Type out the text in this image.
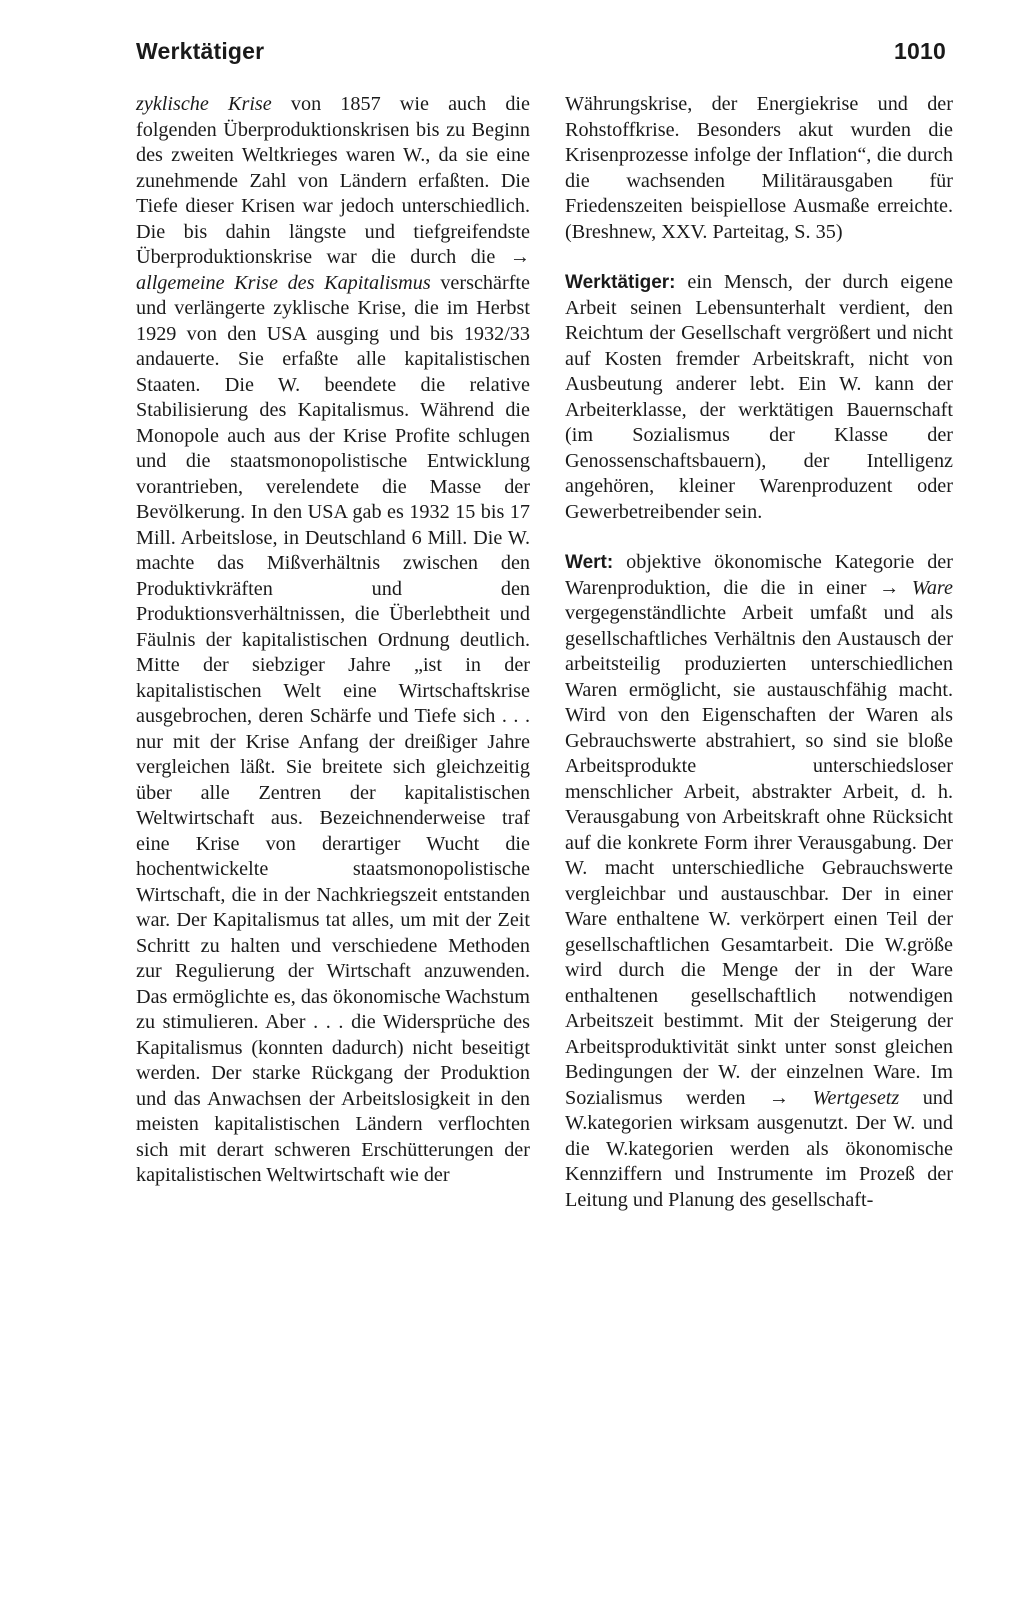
Werktätiger	1010

zyklische Krise von 1857 wie auch die folgenden Überproduktionskrisen bis zu Beginn des zweiten Weltkrieges waren W., da sie eine zunehmende Zahl von Ländern erfaßten. Die Tiefe dieser Krisen war jedoch unterschiedlich. Die bis dahin längste und tiefgreifendste Überproduktionskrise war die durch die → allgemeine Krise des Kapitalismus verschärfte und verlängerte zyklische Krise, die im Herbst 1929 von den USA ausging und bis 1932/33 andauerte. Sie erfaßte alle kapitalistischen Staaten. Die W. beendete die relative Stabilisierung des Kapitalismus. Während die Monopole auch aus der Krise Profite schlugen und die staatsmonopolistische Entwicklung vorantrieben, verelendete die Masse der Bevölkerung. In den USA gab es 1932 15 bis 17 Mill. Arbeitslose, in Deutschland 6 Mill. Die W. machte das Mißverhältnis zwischen den Produktivkräften und den Produktionsverhältnissen, die Überlebtheit und Fäulnis der kapitalistischen Ordnung deutlich. Mitte der siebziger Jahre „ist in der kapitalistischen Welt eine Wirtschaftskrise ausgebrochen, deren Schärfe und Tiefe sich . . . nur mit der Krise Anfang der dreißiger Jahre vergleichen läßt. Sie breitete sich gleichzeitig über alle Zentren der kapitalistischen Weltwirtschaft aus. Bezeichnenderweise traf eine Krise von derartiger Wucht die hochentwickelte staatsmonopolistische Wirtschaft, die in der Nachkriegszeit entstanden war. Der Kapitalismus tat alles, um mit der Zeit Schritt zu halten und verschiedene Methoden zur Regulierung der Wirtschaft anzuwenden. Das ermöglichte es, das ökonomische Wachstum zu stimulieren. Aber . . . die Widersprüche des Kapitalismus (konnten dadurch) nicht beseitigt werden. Der starke Rückgang der Produktion und das Anwachsen der Arbeitslosigkeit in den meisten kapitalistischen Ländern verflochten sich mit derart schweren Erschütterungen der kapitalistischen Weltwirtschaft wie der

Währungskrise, der Energiekrise und der Rohstoffkrise. Besonders akut wurden die Krisenprozesse infolge der Inflation“, die durch die wachsenden Militärausgaben für Friedenszeiten beispiellose Ausmaße erreichte. (Breshnew, XXV. Parteitag, S. 35)

Werktätiger: ein Mensch, der durch eigene Arbeit seinen Lebensunterhalt verdient, den Reichtum der Gesellschaft vergrößert und nicht auf Kosten fremder Arbeitskraft, nicht von Ausbeutung anderer lebt. Ein W. kann der Arbeiterklasse, der werktätigen Bauernschaft (im Sozialismus der Klasse der Genossenschaftsbauern), der Intelligenz angehören, kleiner Warenproduzent oder Gewerbetreibender sein.

Wert: objektive ökonomische Kategorie der Warenproduktion, die die in einer → Ware vergegenständlichte Arbeit umfaßt und als gesellschaftliches Verhältnis den Austausch der arbeitsteilig produzierten unterschiedlichen Waren ermöglicht, sie austauschfähig macht. Wird von den Eigenschaften der Waren als Gebrauchswerte abstrahiert, so sind sie bloße Arbeitsprodukte unterschiedsloser menschlicher Arbeit, abstrakter Arbeit, d. h. Verausgabung von Arbeitskraft ohne Rücksicht auf die konkrete Form ihrer Verausgabung. Der W. macht unterschiedliche Gebrauchswerte vergleichbar und austauschbar. Der in einer Ware enthaltene W. verkörpert einen Teil der gesellschaftlichen Gesamtarbeit. Die W.größe wird durch die Menge der in der Ware enthaltenen gesellschaftlich notwendigen Arbeitszeit bestimmt. Mit der Steigerung der Arbeitsproduktivität sinkt unter sonst gleichen Bedingungen der W. der einzelnen Ware. Im Sozialismus werden → Wertgesetz und W.kategorien wirksam ausgenutzt. Der W. und die W.kategorien werden als ökonomische Kennziffern und Instrumente im Prozeß der Leitung und Planung des gesellschaft-
